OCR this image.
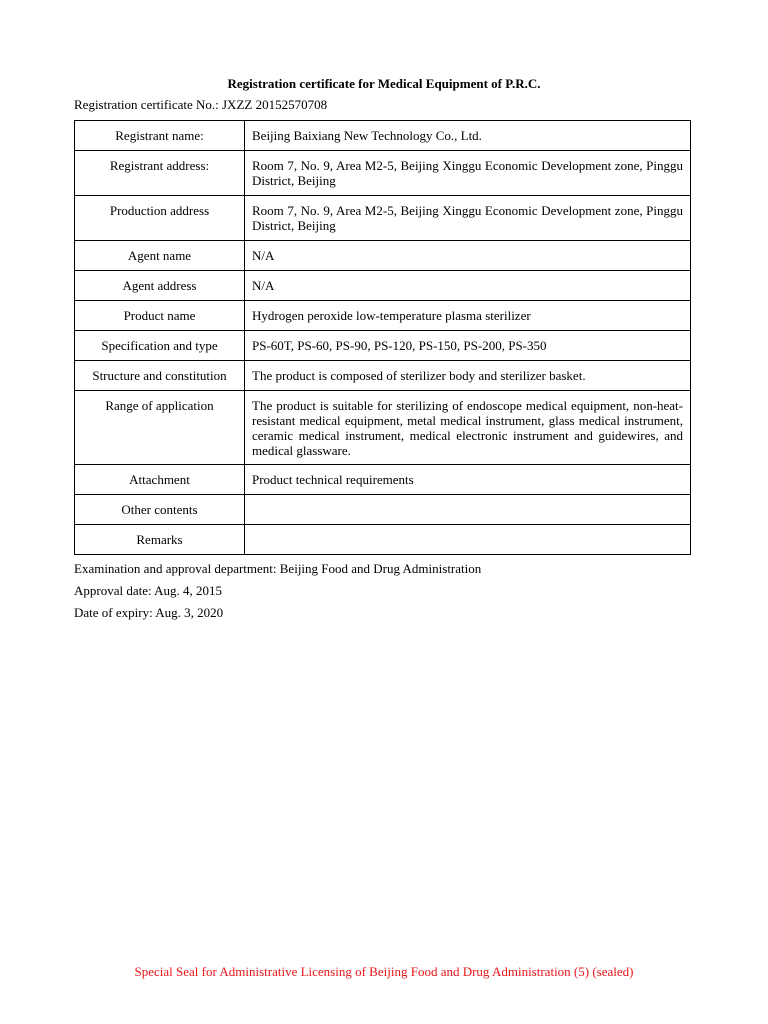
Registration certificate for Medical Equipment of P.R.C.
Registration certificate No.: JXZZ 20152570708
Registrant name:	Beijing Baixiang New Technology Co., Ltd.

Registrant address:	Room 7, No. 9, Area M2-5, Beijing Xinggu Economic Development zone, Pinggu District, Beijing

Production address	Room 7, No. 9, Area M2-5, Beijing Xinggu Economic Development zone, Pinggu District, Beijing

Agent name	N/A

Agent address	N/A

Product name	Hydrogen peroxide low-temperature plasma sterilizer

Specification and type	PS-60T, PS-60, PS-90, PS-120, PS-150, PS-200, PS-350

Structure and constitution	The product is composed of sterilizer body and sterilizer basket.

Range of application	The product is suitable for sterilizing of endoscope medical equipment, non-heat-resistant medical equipment, metal medical instrument, glass medical instrument, ceramic medical instrument, medical electronic instrument and guidewires, and medical glassware.

Attachment	Product technical requirements

Other contents	

Remarks	

Examination and approval department: Beijing Food and Drug Administration
Approval date: Aug. 4, 2015
Date of expiry: Aug. 3, 2020
Special Seal for Administrative Licensing of Beijing Food and Drug Administration (5) (sealed)
